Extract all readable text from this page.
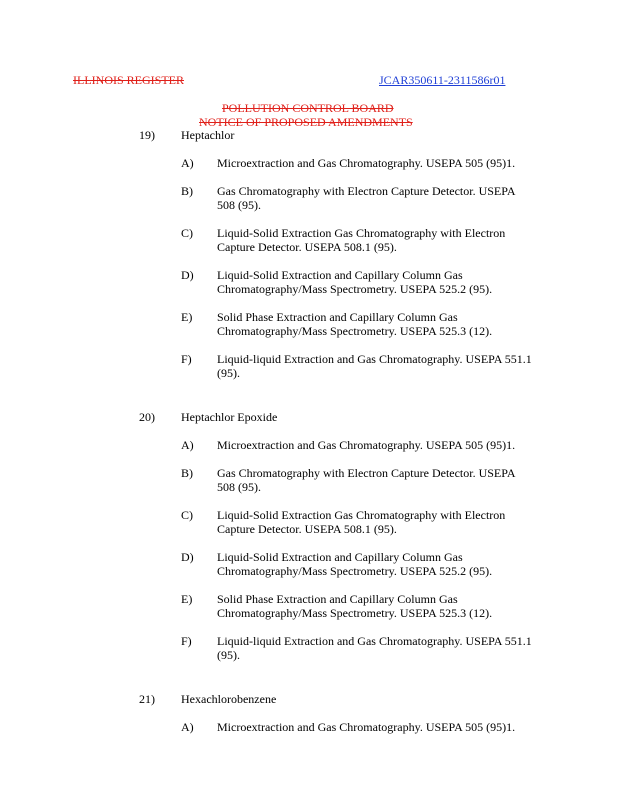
ILLINOIS REGISTER	JCAR350611-2311586r01
POLLUTION CONTROL BOARD
NOTICE OF PROPOSED AMENDMENTS
19) Heptachlor
A) Microextraction and Gas Chromatography. USEPA 505 (95)1.
B) Gas Chromatography with Electron Capture Detector. USEPA
508 (95).
C) Liquid-Solid Extraction Gas Chromatography with Electron
Capture Detector. USEPA 508.1 (95).
D) Liquid-Solid Extraction and Capillary Column Gas
Chromatography/Mass Spectrometry. USEPA 525.2 (95).
E) Solid Phase Extraction and Capillary Column Gas
Chromatography/Mass Spectrometry. USEPA 525.3 (12).
F) Liquid-liquid Extraction and Gas Chromatography. USEPA 551.1
(95).
20) Heptachlor Epoxide
A) Microextraction and Gas Chromatography. USEPA 505 (95)1.
B) Gas Chromatography with Electron Capture Detector. USEPA
508 (95).
C) Liquid-Solid Extraction Gas Chromatography with Electron
Capture Detector. USEPA 508.1 (95).
D) Liquid-Solid Extraction and Capillary Column Gas
Chromatography/Mass Spectrometry. USEPA 525.2 (95).
E) Solid Phase Extraction and Capillary Column Gas
Chromatography/Mass Spectrometry. USEPA 525.3 (12).
F) Liquid-liquid Extraction and Gas Chromatography. USEPA 551.1
(95).
21) Hexachlorobenzene
A) Microextraction and Gas Chromatography. USEPA 505 (95)1.
